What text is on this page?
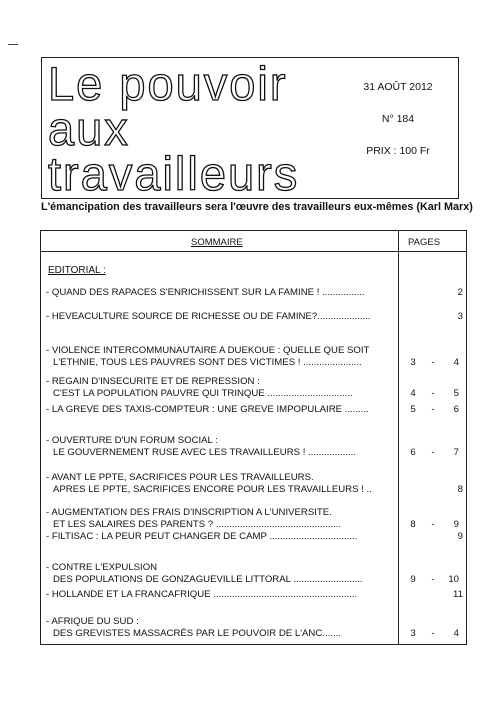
Le pouvoir
aux
travailleurs
31 AOÛT 2012
N° 184
PRIX : 100 Fr
L'émancipation des travailleurs sera l'œuvre des travailleurs eux-mêmes (Karl Marx)
SOMMAIRE	PAGES
EDITORIAL :
- QUAND DES RAPACES S'ENRICHISSENT SUR LA FAMINE ! ................	2
- HEVEACULTURE SOURCE DE RICHESSE OU DE FAMINE?....................	3
- VIOLENCE INTERCOMMUNAUTAIRE A DUEKOUE : QUELLE QUE SOIT
L'ETHNIE, TOUS LES PAUVRES SONT DES VICTIMES ! ......................	3 - 4
- REGAIN D'INSECURITE ET DE REPRESSION :
C'EST LA POPULATION PAUVRE QUI TRINQUE ................................	4 - 5
- LA GREVE DES TAXIS-COMPTEUR : UNE GREVE IMPOPULAIRE .........	5 - 6
- OUVERTURE D'UN FORUM SOCIAL :
LE GOUVERNEMENT RUSE AVEC LES TRAVAILLEURS ! ..................	6 - 7
- AVANT LE PPTE, SACRIFICES POUR LES TRAVAILLEURS.
APRES LE PPTE, SACRIFICES ENCORE POUR LES TRAVAILLEURS ! ..	8
- AUGMENTATION DES FRAIS D'INSCRIPTION A L'UNIVERSITE.
ET LES SALAIRES DES PARENTS ? ...............................................	8 - 9
- FILTISAC : LA PEUR PEUT CHANGER DE CAMP .................................	9
- CONTRE L'EXPULSION
DES POPULATIONS DE GONZAGUEVILLE LITTORAL ..........................	9 - 10
- HOLLANDE ET LA FRANCAFRIQUE ......................................................	11
- AFRIQUE DU SUD :
DES GREVISTES MASSACRÉS PAR LE POUVOIR DE L'ANC.......	3 - 4
